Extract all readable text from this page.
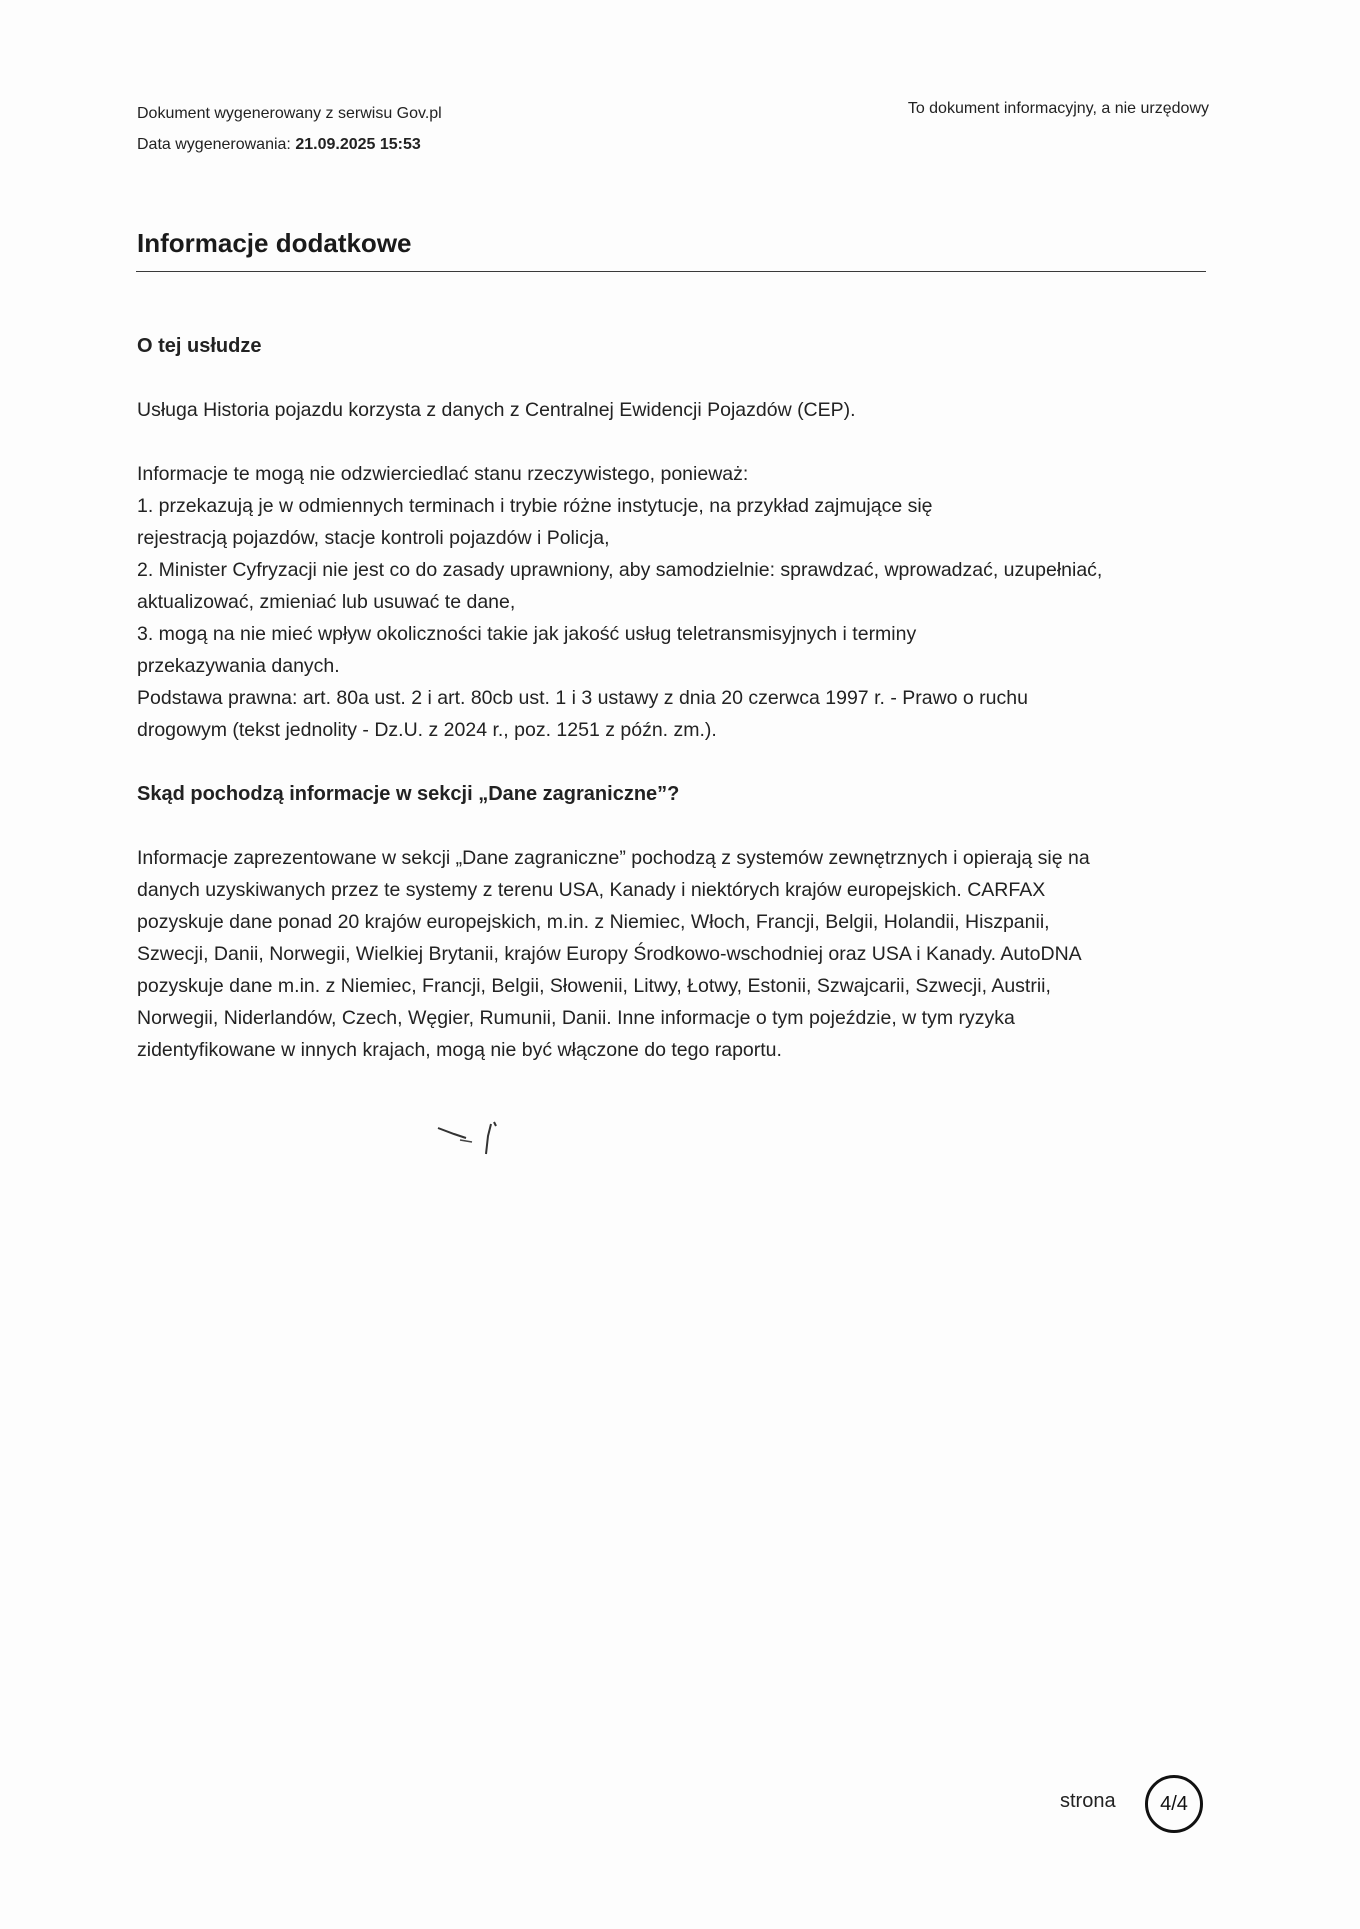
Dokument wygenerowany z serwisu Gov.pl
Data wygenerowania: 21.09.2025 15:53
To dokument informacyjny, a nie urzędowy
Informacje dodatkowe

O tej usłudze

Usługa Historia pojazdu korzysta z danych z Centralnej Ewidencji Pojazdów (CEP).

Informacje te mogą nie odzwierciedlać stanu rzeczywistego, ponieważ:

1. przekazują je w odmiennych terminach i trybie różne instytucje, na przykład zajmujące się

rejestracją pojazdów, stacje kontroli pojazdów i Policja,

2. Minister Cyfryzacji nie jest co do zasady uprawniony, aby samodzielnie: sprawdzać, wprowadzać, uzupełniać,

aktualizować, zmieniać lub usuwać te dane,

3. mogą na nie mieć wpływ okoliczności takie jak jakość usług teletransmisyjnych i terminy

przekazywania danych.

Podstawa prawna: art. 80a ust. 2 i art. 80cb ust. 1 i 3 ustawy z dnia 20 czerwca 1997 r. - Prawo o ruchu

drogowym (tekst jednolity - Dz.U. z 2024 r., poz. 1251 z późn. zm.).

Skąd pochodzą informacje w sekcji „Dane zagraniczne”?

Informacje zaprezentowane w sekcji „Dane zagraniczne” pochodzą z systemów zewnętrznych i opierają się na

danych uzyskiwanych przez te systemy z terenu USA, Kanady i niektórych krajów europejskich. CARFAX

pozyskuje dane ponad 20 krajów europejskich, m.in. z Niemiec, Włoch, Francji, Belgii, Holandii, Hiszpanii,

Szwecji, Danii, Norwegii, Wielkiej Brytanii, krajów Europy Środkowo-wschodniej oraz USA i Kanady. AutoDNA

pozyskuje dane m.in. z Niemiec, Francji, Belgii, Słowenii, Litwy, Łotwy, Estonii, Szwajcarii, Szwecji, Austrii,

Norwegii, Niderlandów, Czech, Węgier, Rumunii, Danii. Inne informacje o tym pojeździe, w tym ryzyka

zidentyfikowane w innych krajach, mogą nie być włączone do tego raportu.

strona 4/4
